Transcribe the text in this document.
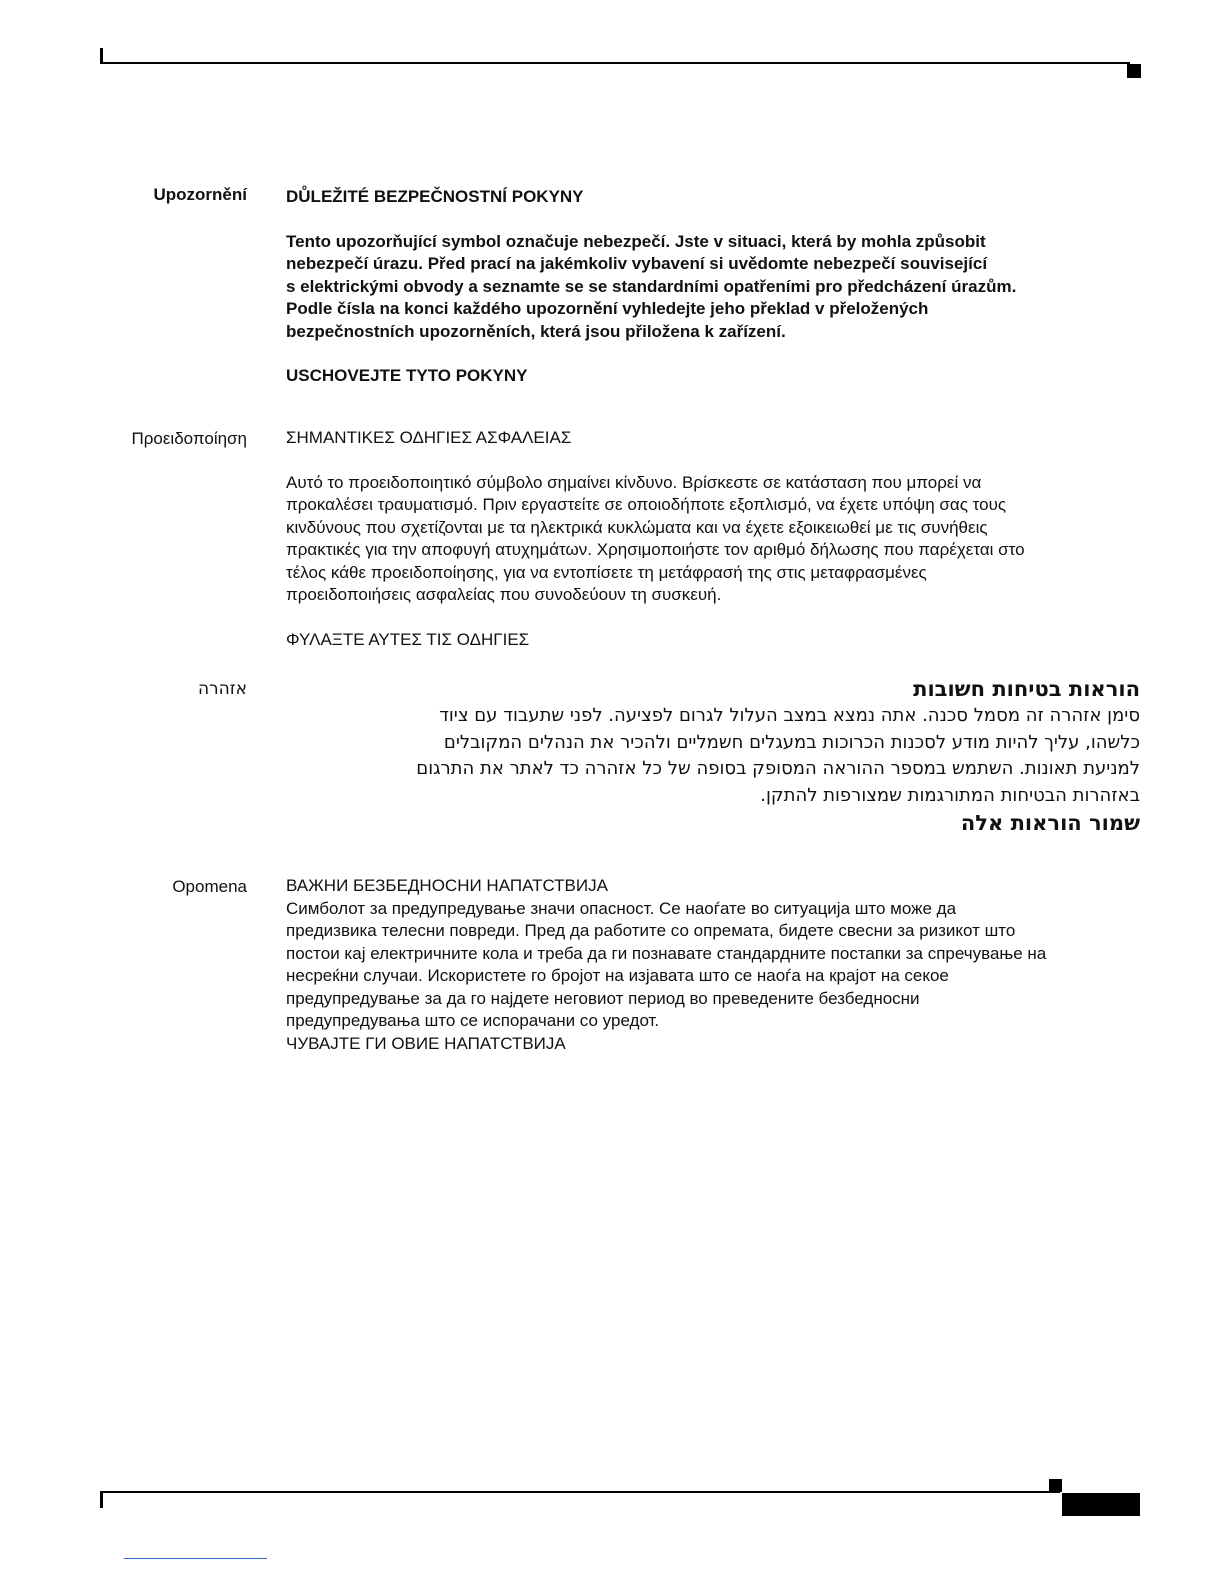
Upozornění DŮLEŽITÉ BEZPEČNOSTNÍ POKYNY

Tento upozorňující symbol označuje nebezpečí. Jste v situaci, která by mohla způsobit

nebezpečí úrazu. Před prací na jakémkoliv vybavení si uvědomte nebezpečí související

s elektrickými obvody a seznamte se se standardními opatřeními pro předcházení úrazům.

Podle čísla na konci každého upozornění vyhledejte jeho překlad v přeložených

bezpečnostních upozorněních, která jsou přiložena k zařízení.

USCHOVEJTE TYTO POKYNY

Προειδοποίηση ΣΗΜΑΝΤΙΚΕΣ ΟΔΗΓΙΕΣ ΑΣΦΑΛΕΙΑΣ

Αυτό το προειδοποιητικό σύμβολο σημαίνει κίνδυνο. Βρίσκεστε σε κατάσταση που μπορεί να

προκαλέσει τραυματισμό. Πριν εργαστείτε σε οποιοδήποτε εξοπλισμό, να έχετε υπόψη σας τους

κινδύνους που σχετίζονται με τα ηλεκτρικά κυκλώματα και να έχετε εξοικειωθεί με τις συνήθεις

πρακτικές για την αποφυγή ατυχημάτων. Χρησιμοποιήστε τον αριθμό δήλωσης που παρέχεται στο

τέλος κάθε προειδοποίησης, για να εντοπίσετε τη μετάφρασή της στις μεταφρασμένες

προειδοποιήσεις ασφαλείας που συνοδεύουν τη συσκευή.

ΦΥΛΑΞΤΕ ΑΥΤΕΣ ΤΙΣ ΟΔΗΓΙΕΣ

אזהרה	הוראות בטיחות חשובות

סימן אזהרה זה מסמל סכנה. אתה נמצא במצב העלול לגרום לפציעה. לפני שתעבוד עם ציוד

כלשהו, עליך להיות מודע לסכנות הכרוכות במעגלים חשמליים ולהכיר את הנהלים המקובלים

למניעת תאונות. השתמש במספר ההוראה המסופק בסופה של כל אזהרה כד לאתר את התרגום

באזהרות הבטיחות המתורגמות שמצורפות להתקן.

שמור הוראות אלה

Opomena ВАЖНИ БЕЗБЕДНОСНИ НАПАТСТВИЈА

Симболот за предупредување значи опасност. Се наоѓате во ситуација што може да

предизвика телесни повреди. Пред да работите со опремата, бидете свесни за ризикот што

постои кај електричните кола и треба да ги познавате стандардните постапки за спречување на

несреќни случаи. Искористете го бројот на изјавата што се наоѓа на крајот на секое

предупредување за да го најдете неговиот период во преведените безбедносни

предупредувања што се испорачани со уредот.

ЧУВАЈТЕ ГИ ОВИЕ НАПАТСТВИЈА
